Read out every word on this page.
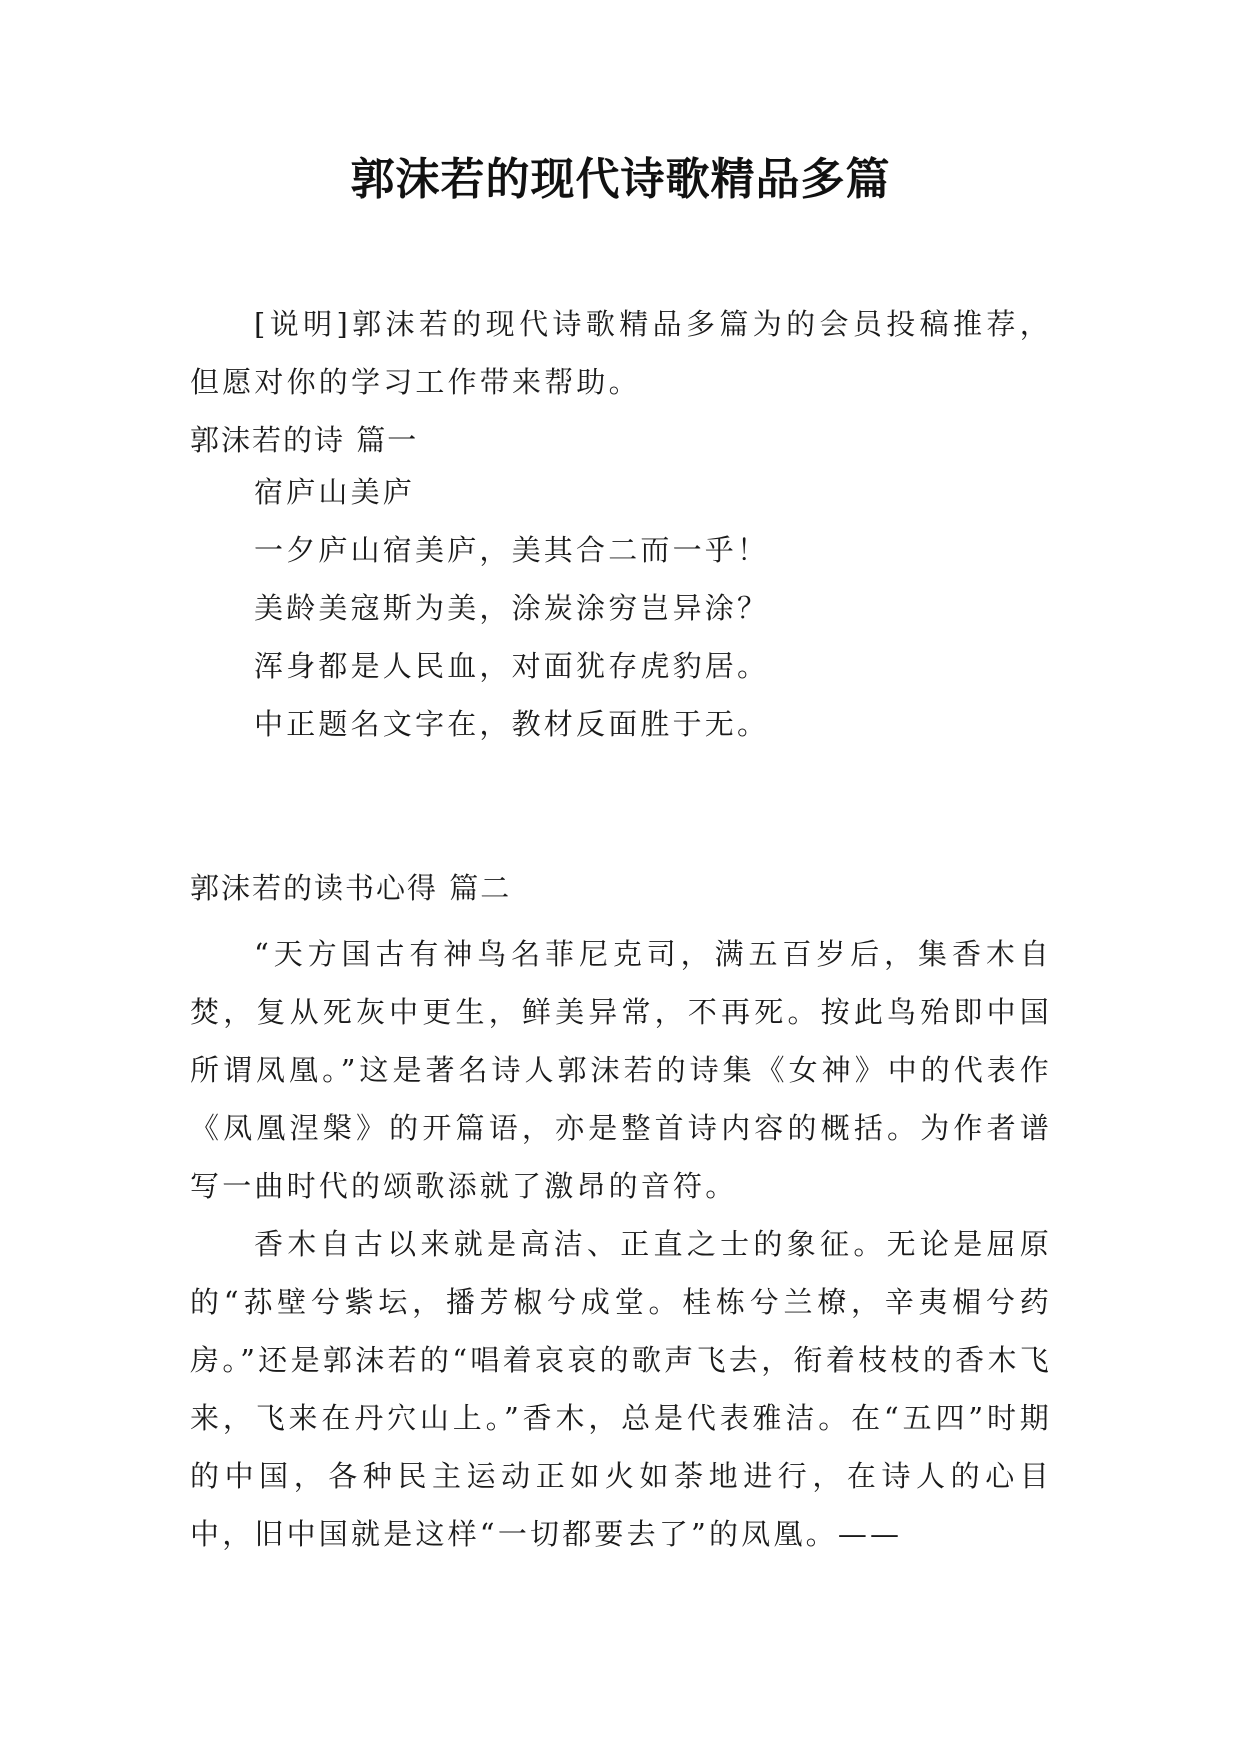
郭沫若的现代诗歌精品多篇

[说明]郭沫若的现代诗歌精品多篇为的会员投稿推荐，但愿对你的学习工作带来帮助。

郭沫若的诗 篇一

宿庐山美庐
一夕庐山宿美庐，美其合二而一乎！
美龄美寇斯为美，涂炭涂穷岂异涂？
浑身都是人民血，对面犹存虎豹居。
中正题名文字在，教材反面胜于无。

郭沫若的读书心得 篇二

“天方国古有神鸟名菲尼克司，满五百岁后，集香木自焚，复从死灰中更生，鲜美异常，不再死。按此鸟殆即中国所谓凤凰。”这是著名诗人郭沫若的诗集《女神》中的代表作《凤凰涅槃》的开篇语，亦是整首诗内容的概括。为作者谱写一曲时代的颂歌添就了激昂的音符。

香木自古以来就是高洁、正直之士的象征。无论是屈原的“荪壁兮紫坛，播芳椒兮成堂。桂栋兮兰橑，辛夷楣兮药房。”还是郭沫若的“唱着哀哀的歌声飞去，衔着枝枝的香木飞来，飞来在丹穴山上。”香木，总是代表雅洁。在“五四”时期的中国，各种民主运动正如火如荼地进行，在诗人的心目中，旧中国就是这样“一切都要去了”的凤凰。——
